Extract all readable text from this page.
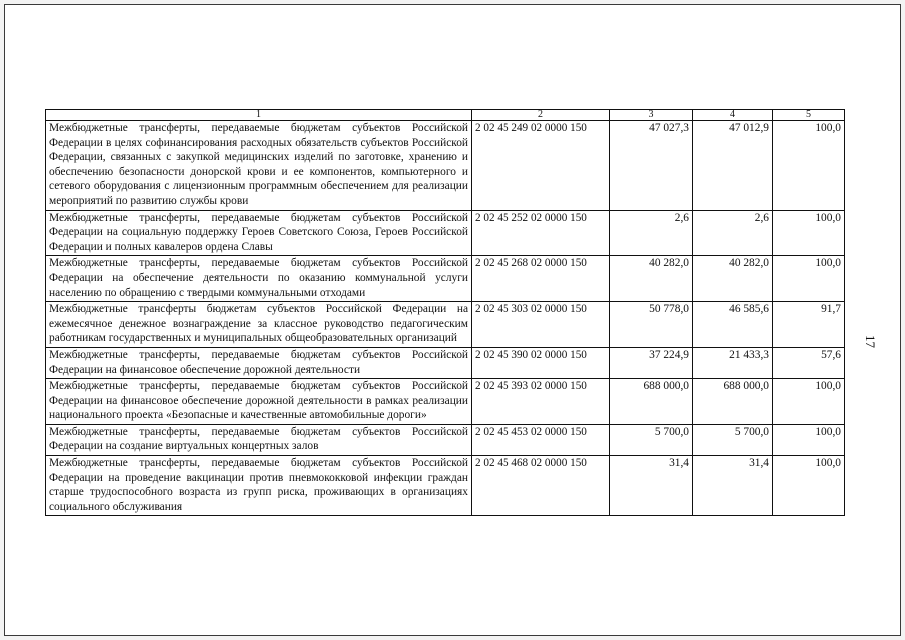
17
1	2	3	4	5
Межбюджетные трансферты, передаваемые бюджетам субъектов Российской Федерации в целях софинансирования расходных обязательств субъектов Российской Федерации, связанных с закупкой медицинских изделий по заготовке, хранению и обеспечению безопасности донорской крови и ее компонентов, компьютерного и сетевого оборудования с лицензионным программным обеспечением для реализации мероприятий по развитию службы крови	2 02 45 249 02 0000 150	47 027,3	47 012,9	100,0
Межбюджетные трансферты, передаваемые бюджетам субъектов Российской Федерации на социальную поддержку Героев Советского Союза, Героев Российской Федерации и полных кавалеров ордена Славы	2 02 45 252 02 0000 150	2,6	2,6	100,0
Межбюджетные трансферты, передаваемые бюджетам субъектов Российской Федерации на обеспечение деятельности по оказанию коммунальной услуги населению по обращению с твердыми коммунальными отходами	2 02 45 268 02 0000 150	40 282,0	40 282,0	100,0
Межбюджетные трансферты бюджетам субъектов Российской Федерации на ежемесячное денежное вознаграждение за классное руководство педагогическим работникам государственных и муниципальных общеобразовательных организаций	2 02 45 303 02 0000 150	50 778,0	46 585,6	91,7
Межбюджетные трансферты, передаваемые бюджетам субъектов Российской Федерации на финансовое обеспечение дорожной деятельности	2 02 45 390 02 0000 150	37 224,9	21 433,3	57,6
Межбюджетные трансферты, передаваемые бюджетам субъектов Российской Федерации на финансовое обеспечение дорожной деятельности в рамках реализации национального проекта «Безопасные и качественные автомобильные дороги»	2 02 45 393 02 0000 150	688 000,0	688 000,0	100,0
Межбюджетные трансферты, передаваемые бюджетам субъектов Российской Федерации на создание виртуальных концертных залов	2 02 45 453 02 0000 150	5 700,0	5 700,0	100,0
Межбюджетные трансферты, передаваемые бюджетам субъектов Российской Федерации на проведение вакцинации против пневмококковой инфекции граждан старше трудоспособного возраста из групп риска, проживающих в организациях социального обслуживания	2 02 45 468 02 0000 150	31,4	31,4	100,0
